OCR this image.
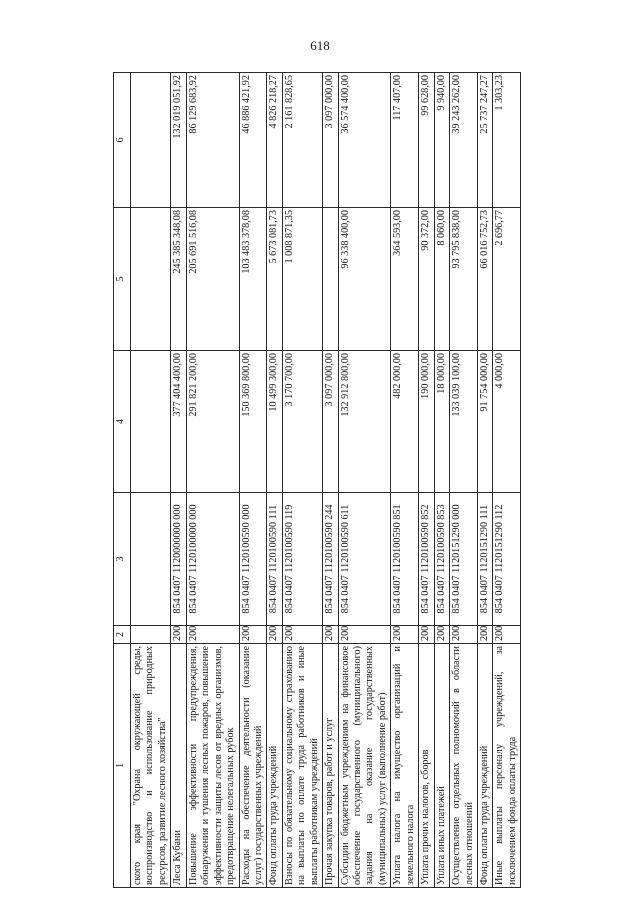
618
1	2	3	4	5	6
ского края "Охрана окружающей среды, воспроизводство и использование природных ресурсов, развитие лесного хозяйства"					
Леса Кубани	200	854 0407 1120000000 000	377 404 400,00	245 385 348,08	132 019 051,92
Повышение эффективности предупреждения, обнаружения и тушения лесных пожаров, повышение эффективности защиты лесов от вредных организмов, предотвращение нелегальных рубок	200	854 0407 1120100000 000	291 821 200,00	205 691 516,08	86 129 683,92
Расходы на обеспечение деятельности (оказание услуг) государственных учреждений	200	854 0407 1120100590 000	150 369 800,00	103 483 378,08	46 886 421,92
Фонд оплаты труда учреждений	200	854 0407 1120100590 111	10 499 300,00	5 673 081,73	4 826 218,27
Взносы по обязательному социальному страхованию на выплаты по оплате труда работников и иные выплаты работникам учреждений	200	854 0407 1120100590 119	3 170 700,00	1 008 871,35	2 161 828,65
Прочая закупка товаров, работ и услуг	200	854 0407 1120100590 244	3 097 000,00		3 097 000,00
Субсидии бюджетным учреждениям на финансовое обеспечение государственного (муниципального) задания на оказание государственных (муниципальных) услуг (выполнение работ)	200	854 0407 1120100590 611	132 912 800,00	96 338 400,00	36 574 400,00
Уплата налога на имущество организаций и земельного налога	200	854 0407 1120100590 851	482 000,00	364 593,00	117 407,00
Уплата прочих налогов, сборов	200	854 0407 1120100590 852	190 000,00	90 372,00	99 628,00
Уплата иных платежей	200	854 0407 1120100590 853	18 000,00	8 060,00	9 940,00
Осуществление отдельных полномочий в области лесных отношений	200	854 0407 1120151290 000	133 039 100,00	93 795 838,00	39 243 262,00
Фонд оплаты труда учреждений	200	854 0407 1120151290 111	91 754 000,00	66 016 752,73	25 737 247,27
Иные выплаты персоналу учреждений, за исключением фонда оплаты труда	200	854 0407 1120151290 112	4 000,00	2 696,77	1 303,23
